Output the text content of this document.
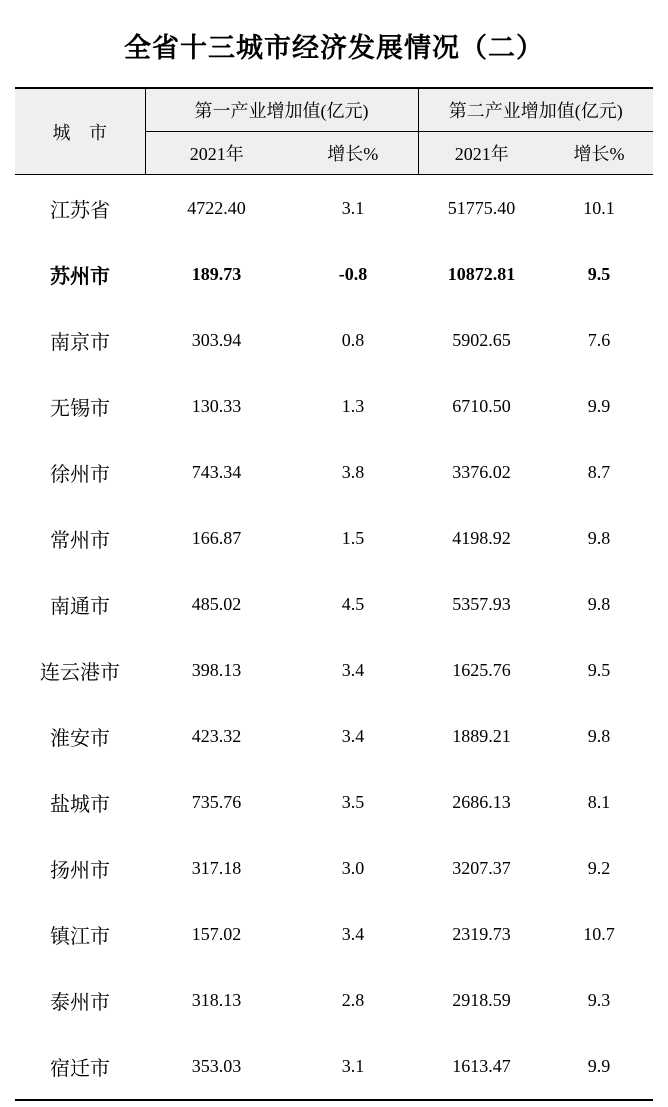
全省十三城市经济发展情况（二）
城 市	第一产业增加值(亿元)		第二产业增加值(亿元)	
	2021年	增长%	2021年	增长%
江苏省	4722.40	3.1	51775.40	10.1
苏州市	189.73	-0.8	10872.81	9.5
南京市	303.94	0.8	5902.65	7.6
无锡市	130.33	1.3	6710.50	9.9
徐州市	743.34	3.8	3376.02	8.7
常州市	166.87	1.5	4198.92	9.8
南通市	485.02	4.5	5357.93	9.8
连云港市	398.13	3.4	1625.76	9.5
淮安市	423.32	3.4	1889.21	9.8
盐城市	735.76	3.5	2686.13	8.1
扬州市	317.18	3.0	3207.37	9.2
镇江市	157.02	3.4	2319.73	10.7
泰州市	318.13	2.8	2918.59	9.3
宿迁市	353.03	3.1	1613.47	9.9
